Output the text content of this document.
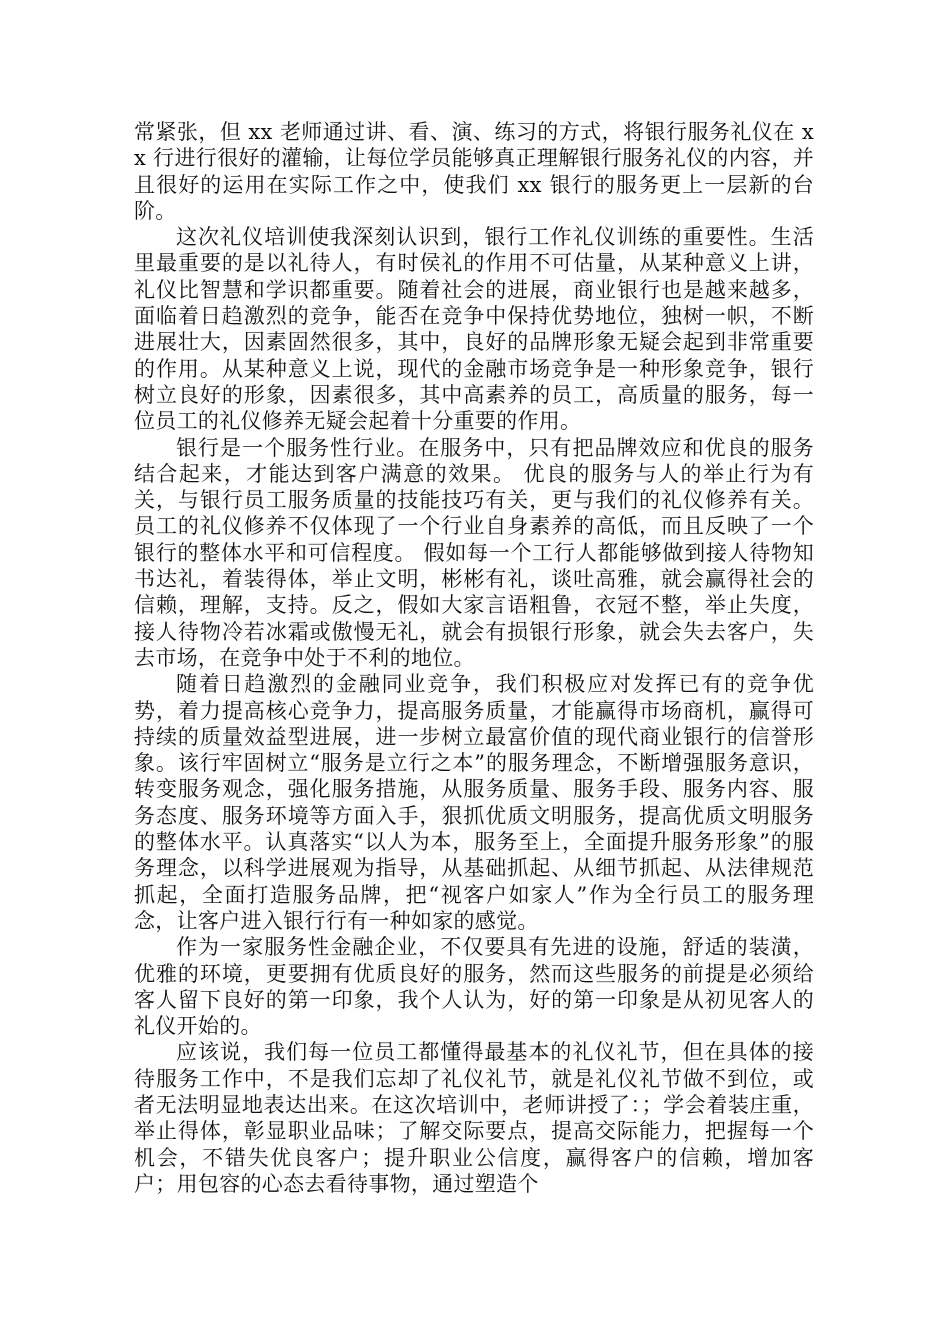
常紧张，但 xx 老师通过讲、看、演、练习的方式，将银行服务礼仪在 xx 行进行很好的灌输，让每位学员能够真正理解银行服务礼仪的内容，并且很好的运用在实际工作之中，使我们 xx 银行的服务更上一层新的台阶。

这次礼仪培训使我深刻认识到，银行工作礼仪训练的重要性。生活里最重要的是以礼待人，有时侯礼的作用不可估量，从某种意义上讲，礼仪比智慧和学识都重要。随着社会的进展，商业银行也是越来越多，面临着日趋激烈的竞争，能否在竞争中保持优势地位，独树一帜，不断进展壮大，因素固然很多，其中，良好的品牌形象无疑会起到非常重要的作用。从某种意义上说，现代的金融市场竞争是一种形象竞争，银行树立良好的形象，因素很多，其中高素养的员工，高质量的服务，每一位员工的礼仪修养无疑会起着十分重要的作用。

银行是一个服务性行业。在服务中，只有把品牌效应和优良的服务结合起来，才能达到客户满意的效果。 优良的服务与人的举止行为有关，与银行员工服务质量的技能技巧有关，更与我们的礼仪修养有关。员工的礼仪修养不仅体现了一个行业自身素养的高低，而且反映了一个银行的整体水平和可信程度。 假如每一个工行人都能够做到接人待物知书达礼，着装得体，举止文明，彬彬有礼，谈吐高雅，就会赢得社会的信赖，理解，支持。反之，假如大家言语粗鲁，衣冠不整，举止失度，接人待物冷若冰霜或傲慢无礼，就会有损银行形象，就会失去客户，失去市场，在竞争中处于不利的地位。

随着日趋激烈的金融同业竞争，我们积极应对发挥已有的竞争优势，着力提高核心竞争力，提高服务质量，才能赢得市场商机，赢得可持续的质量效益型进展，进一步树立最富价值的现代商业银行的信誉形象。该行牢固树立“服务是立行之本”的服务理念，不断增强服务意识，转变服务观念，强化服务措施，从服务质量、服务手段、服务内容、服务态度、服务环境等方面入手，狠抓优质文明服务，提高优质文明服务的整体水平。认真落实“以人为本，服务至上，全面提升服务形象”的服务理念，以科学进展观为指导，从基础抓起、从细节抓起、从法律规范抓起，全面打造服务品牌，把“视客户如家人”作为全行员工的服务理念，让客户进入银行行有一种如家的感觉。

作为一家服务性金融企业，不仅要具有先进的设施，舒适的装潢，优雅的环境，更要拥有优质良好的服务，然而这些服务的前提是必须给客人留下良好的第一印象，我个人认为，好的第一印象是从初见客人的礼仪开始的。

应该说，我们每一位员工都懂得最基本的礼仪礼节，但在具体的接待服务工作中，不是我们忘却了礼仪礼节，就是礼仪礼节做不到位，或者无法明显地表达出来。在这次培训中，老师讲授了：；学会着装庄重，举止得体，彰显职业品味；了解交际要点，提高交际能力，把握每一个机会，不错失优良客户；提升职业公信度，赢得客户的信赖，增加客户；用包容的心态去看待事物，通过塑造个
